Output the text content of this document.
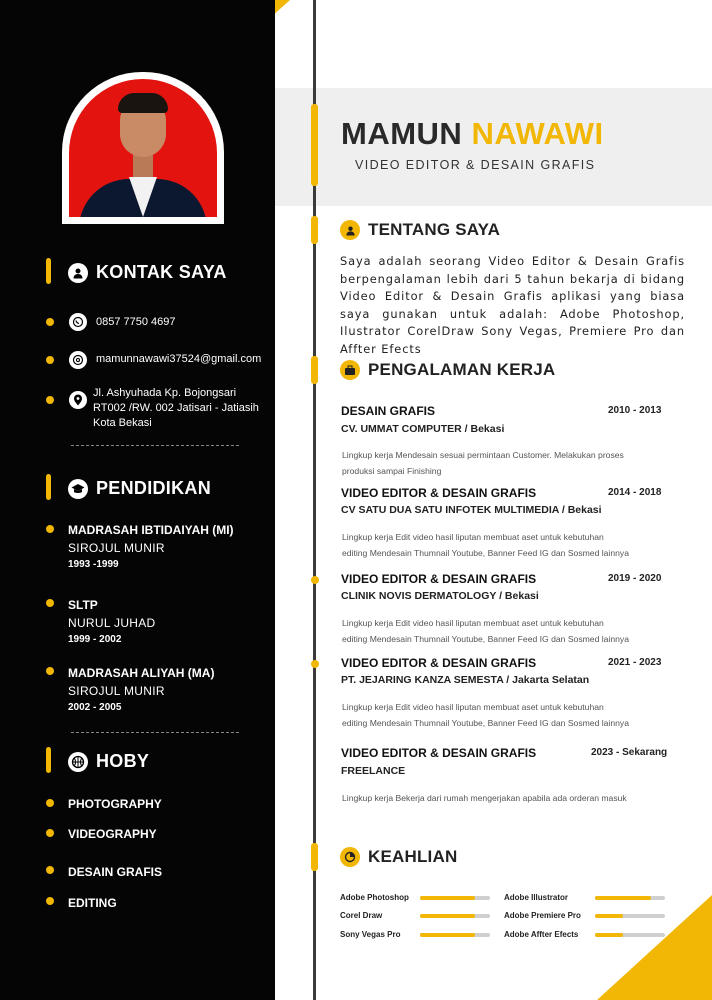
KONTAK SAYA
0857 7750 4697
mamunnawawi37524@gmail.com
Jl. Ashyuhada Kp. Bojongsari
RT002 /RW. 002 Jatisari - Jatiasih
Kota Bekasi
PENDIDIKAN
MADRASAH IBTIDAIYAH (MI)
SIROJUL MUNIR
1993 -1999
SLTP
NURUL JUHAD
1999 - 2002
MADRASAH ALIYAH (MA)
SIROJUL MUNIR
2002 - 2005
HOBY
PHOTOGRAPHY
VIDEOGRAPHY
DESAIN GRAFIS
EDITING
MAMUN NAWAWI
VIDEO EDITOR & DESAIN GRAFIS
TENTANG SAYA
Saya adalah seorang Video Editor & Desain Grafis berpengalaman lebih dari 5 tahun bekarja di bidang Video Editor & Desain Grafis aplikasi yang biasa saya gunakan untuk adalah: Adobe Photoshop, Ilustrator CorelDraw Sony Vegas, Premiere Pro dan Affter Efects
PENGALAMAN KERJA
DESAIN GRAFIS	2010 - 2013
CV. UMMAT COMPUTER / Bekasi
Lingkup kerja Mendesain sesuai permintaan Customer. Melakukan proses
produksi sampai Finishing
VIDEO EDITOR & DESAIN GRAFIS	2014 - 2018
CV SATU DUA SATU INFOTEK MULTIMEDIA / Bekasi
Lingkup kerja Edit video hasil liputan membuat aset untuk kebutuhan
editing Mendesain Thumnail Youtube, Banner Feed IG dan Sosmed lainnya
VIDEO EDITOR & DESAIN GRAFIS	2019 - 2020
CLINIK NOVIS DERMATOLOGY / Bekasi
Lingkup kerja Edit video hasil liputan membuat aset untuk kebutuhan
editing Mendesain Thumnail Youtube, Banner Feed IG dan Sosmed lainnya
VIDEO EDITOR & DESAIN GRAFIS	2021 - 2023
PT. JEJARING KANZA SEMESTA / Jakarta Selatan
Lingkup kerja Edit video hasil liputan membuat aset untuk kebutuhan
editing Mendesain Thumnail Youtube, Banner Feed IG dan Sosmed lainnya
VIDEO EDITOR & DESAIN GRAFIS	2023 - Sekarang
FREELANCE
Lingkup kerja Bekerja dari rumah mengerjakan apabila ada orderan masuk
KEAHLIAN
Adobe Photoshop	Adobe Illustrator
Corel Draw	Adobe Premiere Pro
Sony Vegas Pro	Adobe Affter Efects
